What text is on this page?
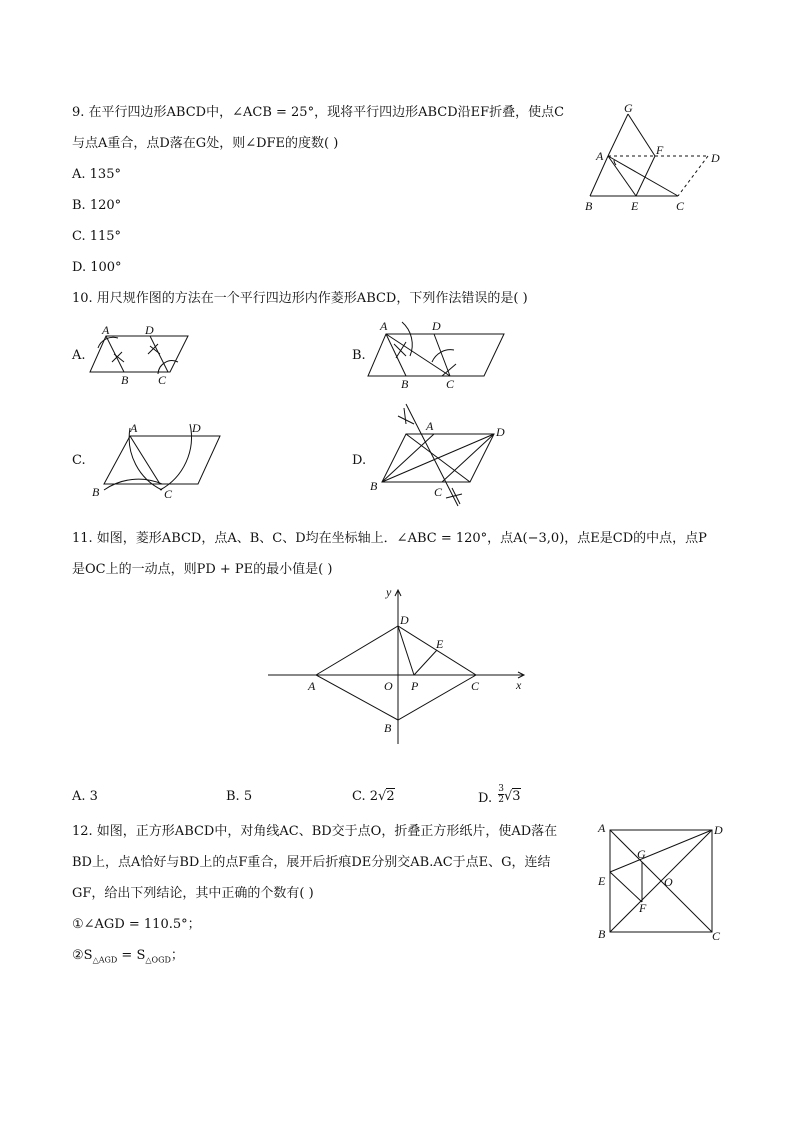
9. 在平行四边形ABCD中，∠ACB = 25°，现将平行四边形ABCD沿EF折叠，使点C
与点A重合，点D落在G处，则∠DFE的度数( )
A. 135°
B. 120°
C. 115°
D. 100°
G
A	F
D
B	E	C
10. 用尺规作图的方法在一个平行四边形内作菱形ABCD，下列作法错误的是( )
A.
A	D
B C
B.
A	D
B	C
C.
A	D
B	C
D.
A	D
B	C
11. 如图，菱形ABCD，点A、B、C、D均在坐标轴上．∠ABC = 120°，点A(−3,0)，点E是CD的中点，点P
是OC上的一动点，则PD + PE的最小值是( )
y
x
D
E
A	O P	C
B
A. 3	B. 5	C. 2√2	D. $\frac{3}{2} √3$
12. 如图，正方形ABCD中，对角线AC、BD交于点O，折叠正方形纸片，使AD落在
BD上，点A恰好与BD上的点F重合，展开后折痕DE分别交AB.AC于点E、G，连结
GF，给出下列结论，其中正确的个数有( )
①∠AGD = 110.5°；
$②S_{\triangle AGD} = S_{\triangle OGD}$；
A	D
G
E	O
F
B	C
